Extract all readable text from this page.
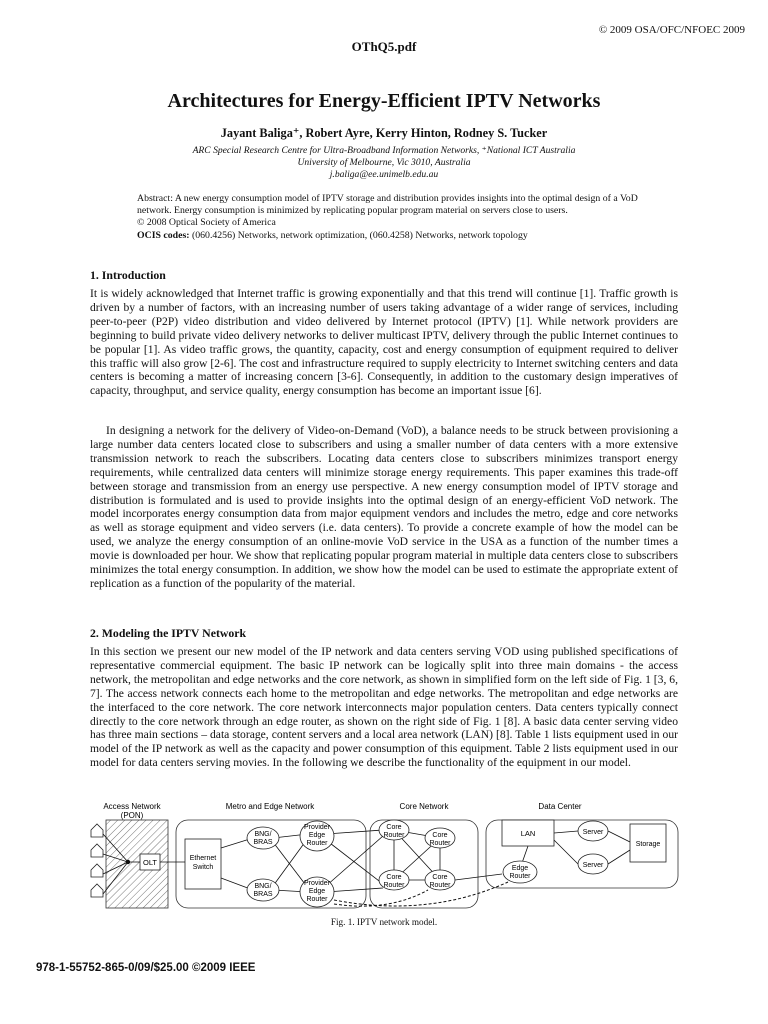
© 2009 OSA/OFC/NFOEC 2009
OThQ5.pdf
Architectures for Energy-Efficient IPTV Networks
Jayant Baliga⁺, Robert Ayre, Kerry Hinton, Rodney S. Tucker
ARC Special Research Centre for Ultra-Broadband Information Networks, ⁺National ICT Australia
University of Melbourne, Vic 3010, Australia
j.baliga@ee.unimelb.edu.au

Abstract: A new energy consumption model of IPTV storage and distribution provides insights into the optimal design of a VoD network. Energy consumption is minimized by replicating popular program material on servers close to users.

© 2008 Optical Society of America

OCIS codes: (060.4256) Networks, network optimization, (060.4258) Networks, network topology

1. Introduction

It is widely acknowledged that Internet traffic is growing exponentially and that this trend will continue [1]. Traffic growth is driven by a number of factors, with an increasing number of users taking advantage of a wider range of services, including peer-to-peer (P2P) video distribution and video delivered by Internet protocol (IPTV) [1]. While network providers are beginning to build private video delivery networks to deliver multicast IPTV, delivery through the public Internet continues to be popular [1]. As video traffic grows, the quantity, capacity, cost and energy consumption of equipment required to deliver this traffic will also grow [2-6]. The cost and infrastructure required to supply electricity to Internet switching centers and data centers is becoming a matter of increasing concern [3-6]. Consequently, in addition to the customary design imperatives of capacity, throughput, and service quality, energy consumption has become an important issue [6].

In designing a network for the delivery of Video-on-Demand (VoD), a balance needs to be struck between provisioning a large number data centers located close to subscribers and using a smaller number of data centers with a more extensive transmission network to reach the subscribers. Locating data centers close to subscribers minimizes transport energy requirements, while centralized data centers will minimize storage energy requirements. This paper examines this trade-off between storage and transmission from an energy use perspective. A new energy consumption model of IPTV storage and distribution is formulated and is used to provide insights into the optimal design of an energy-efficient VoD network. The model incorporates energy consumption data from major equipment vendors and includes the metro, edge and core networks as well as storage equipment and video servers (i.e. data centers). To provide a concrete example of how the model can be used, we analyze the energy consumption of an online-movie VoD service in the USA as a function of the number times a movie is downloaded per hour. We show that replicating popular program material in multiple data centers close to subscribers minimizes the total energy consumption. In addition, we show how the model can be used to estimate the appropriate extent of replication as a function of the popularity of the material.

2. Modeling the IPTV Network

In this section we present our new model of the IP network and data centers serving VOD using published specifications of representative commercial equipment. The basic IP network can be logically split into three main domains - the access network, the metropolitan and edge networks and the core network, as shown in simplified form on the left side of Fig. 1 [3, 6, 7]. The access network connects each home to the metropolitan and edge networks. The metropolitan and edge networks are the interfaced to the core network. The core network interconnects major population centers. Data centers typically connect directly to the core network through an edge router, as shown on the right side of Fig. 1 [8]. A basic data center serving video has three main sections – data storage, content servers and a local area network (LAN) [8]. Table 1 lists equipment used in our model of the IP network as well as the capacity and power consumption of this equipment. Table 2 lists equipment used in our model for data centers serving movies. In the following we describe the functionality of the equipment in our model.

Access Network
(PON)
Metro and Edge Network	Core Network	Data Center
OLT	Ethernet
Switch
BNG/
BRAS
BNG/
BRAS
Provider
Edge
Router
Provider
Edge
Router
Core
Router	Core
Router
Core
Router
Core
Router
LAN	Server
Server
Storage
Edge
Router
Fig. 1. IPTV network model.
978-1-55752-865-0/09/$25.00 ©2009 IEEE
